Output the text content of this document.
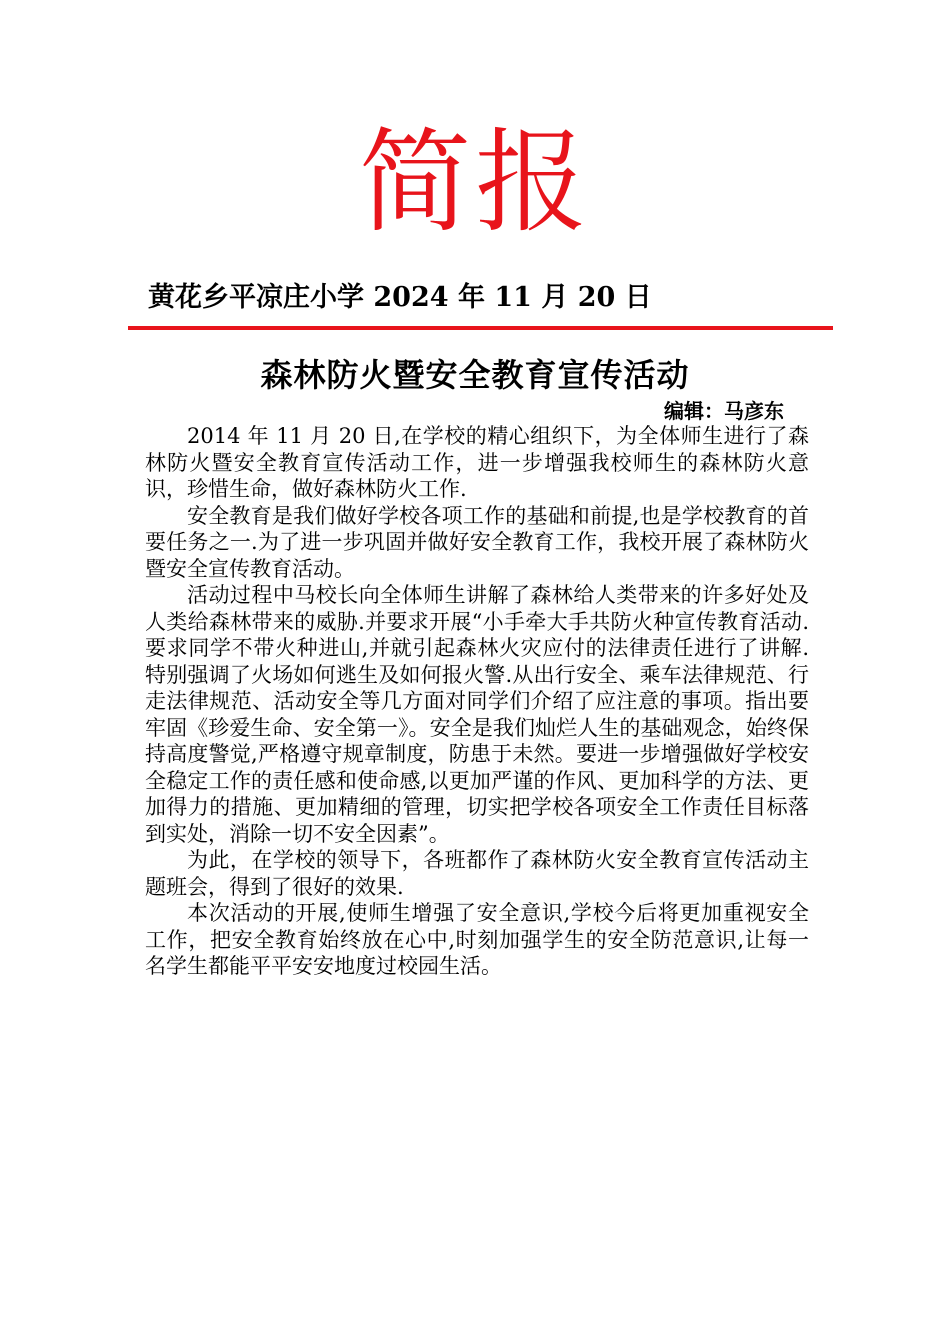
简报
黄花乡平凉庄小学 2024 年 11 月 20 日
森林防火暨安全教育宣传活动
编辑：马彦东

2014 年 11 月 20 日,在学校的精心组织下，为全体师生进行了森林防火暨安全教育宣传活动工作，进一步增强我校师生的森林防火意识，珍惜生命，做好森林防火工作.

安全教育是我们做好学校各项工作的基础和前提,也是学校教育的首要任务之一.为了进一步巩固并做好安全教育工作，我校开展了森林防火暨安全宣传教育活动。

活动过程中马校长向全体师生讲解了森林给人类带来的许多好处及人类给森林带来的威胁.并要求开展“小手牵大手共防火种宣传教育活动.要求同学不带火种进山,并就引起森林火灾应付的法律责任进行了讲解.特别强调了火场如何逃生及如何报火警.从出行安全、乘车法律规范、行走法律规范、活动安全等几方面对同学们介绍了应注意的事项。指出要牢固《珍爱生命、安全第一》。安全是我们灿烂人生的基础观念，始终保持高度警觉,严格遵守规章制度，防患于未然。要进一步增强做好学校安全稳定工作的责任感和使命感,以更加严谨的作风、更加科学的方法、更加得力的措施、更加精细的管理，切实把学校各项安全工作责任目标落到实处，消除一切不安全因素”。

为此，在学校的领导下，各班都作了森林防火安全教育宣传活动主题班会，得到了很好的效果.

本次活动的开展,使师生增强了安全意识,学校今后将更加重视安全工作，把安全教育始终放在心中,时刻加强学生的安全防范意识,让每一名学生都能平平安安地度过校园生活。
